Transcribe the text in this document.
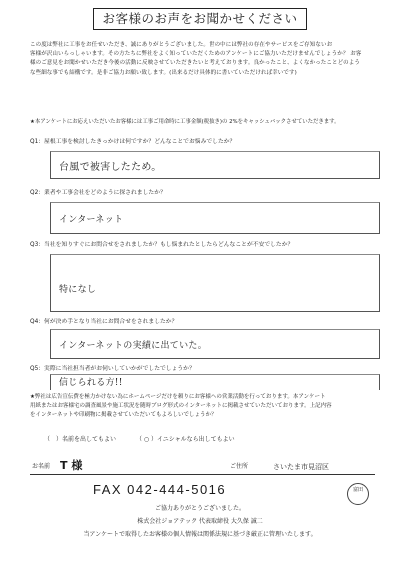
お客様のお声をお聞かせください
この度は弊社に工事をお任せいただき、誠にありがとうございました。世の中には弊社の存在やサービスをご存知ないお
客様が沢山いらっしゃいます。その方たちに弊社をよく知っていただくためのアンケートにご協力いただけませんでしょうか？ お客
様のご意見をお聞かせいただき今後の活動に反映させていただきたいと考えております。良かったこと、よくなかったことどのよう
な些細な事でも結構です。是非ご協力お願い致します。(出来るだけ具体的に書いていただければ幸いです)
★本アンケートにお応えいただいたお客様には工事ご用命時に工事金額(税抜き)の 2%をキャッシュバックさせていただきます。
Q1：屋根工事を検討したきっかけは何ですか？どんなことでお悩みでしたか？
台風で被害したため。
Q2：業者や工事会社をどのように探されましたか？
インターネット
Q3：当社を知りすぐにお問合せをされましたか？もし悩まれたとしたらどんなことが不安でしたか？
特になし
Q4：何が決め手となり当社にお問合せをされましたか？
インターネットの実績に出ていた。
Q5：実際に当社担当者がお伺いしていかがでしたでしょうか？
信じられる方!!
★弊社は広告宣伝費を極力かけない為にホームページだけを頼りにお客様への営業活動を行っております。本アンケート
用紙またはお客様宅の調査風景や施工状況を随時ブログ形式のインターネットに掲載させていただいております。上記内容
をインターネットや印刷物に掲載させていただいてもよろしいでしょうか？
（　）名前を出してもよい	（ ○ ）イニシャルなら出してもよい
お名前 T 様	ご住所	さいたま市見沼区
FAX 042-444-5016	富田
ご協力ありがとうございました。
株式会社ジョアテック 代表取締役 大久保 誠二
当アンケートで取得したお客様の個人情報は関係法規に基づき厳正に管理いたします。
